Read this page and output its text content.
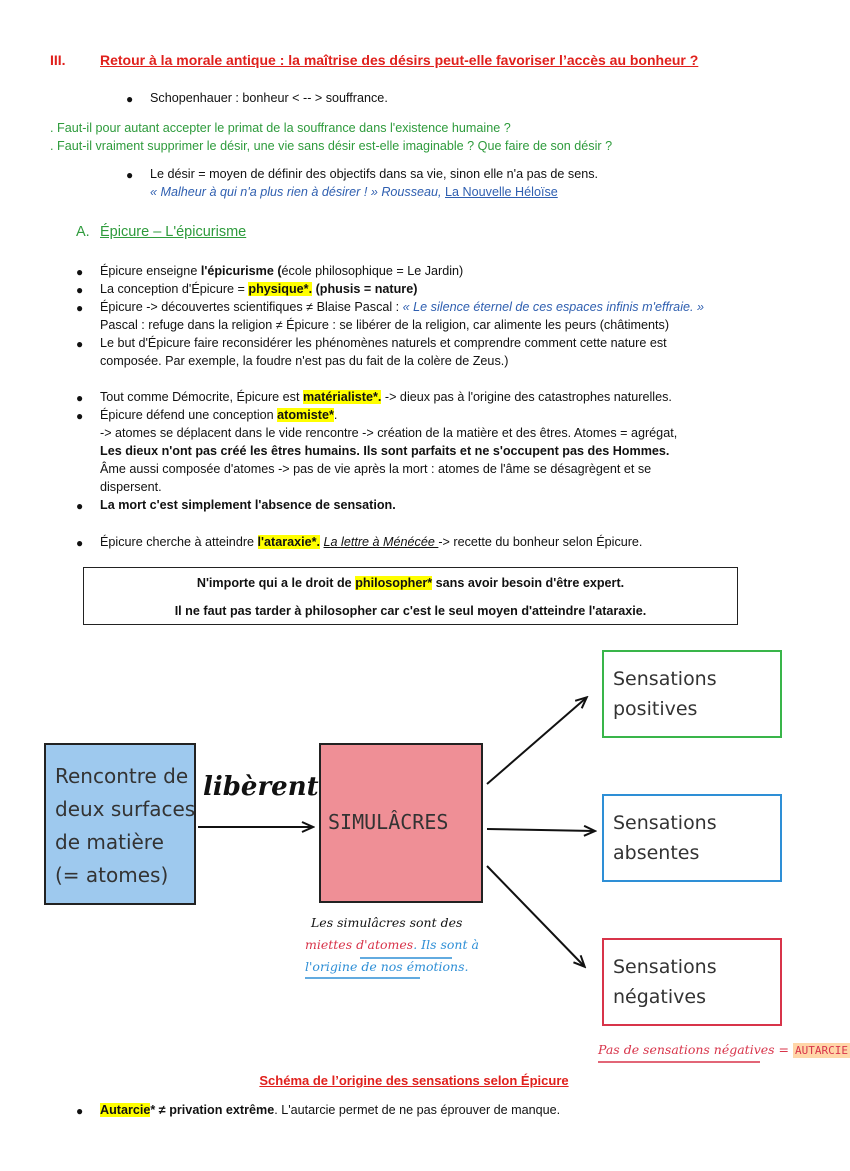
III. Retour à la morale antique : la maîtrise des désirs peut-elle favoriser l’accès au bonheur ?
● Schopenhauer : bonheur < -- > souffrance.
. Faut-il pour autant accepter le primat de la souffrance dans l'existence humaine ?
. Faut-il vraiment supprimer le désir, une vie sans désir est-elle imaginable ? Que faire de son désir ?
● Le désir = moyen de définir des objectifs dans sa vie, sinon elle n'a pas de sens.
« Malheur à qui n'a plus rien à désirer ! » Rousseau, La Nouvelle Héloïse
A. Épicure – L'épicurisme
● Épicure enseigne l'épicurisme (école philosophique = Le Jardin)
● La conception d'Épicure = physique*. (phusis = nature)
● Épicure -> découvertes scientifiques ≠ Blaise Pascal : « Le silence éternel de ces espaces infinis m'effraie. »
Pascal : refuge dans la religion ≠ Épicure : se libérer de la religion, car alimente les peurs (châtiments)
● Le but d'Épicure faire reconsidérer les phénomènes naturels et comprendre comment cette nature est
composée. Par exemple, la foudre n'est pas du fait de la colère de Zeus.)
● Tout comme Démocrite, Épicure est matérialiste*. -> dieux pas à l'origine des catastrophes naturelles.
● Épicure défend une conception atomiste*.
-> atomes se déplacent dans le vide rencontre -> création de la matière et des êtres. Atomes = agrégat,
Les dieux n'ont pas créé les êtres humains. Ils sont parfaits et ne s'occupent pas des Hommes.
Âme aussi composée d'atomes -> pas de vie après la mort : atomes de l'âme se désagrègent et se
dispersent.
● La mort c'est simplement l'absence de sensation.
● Épicure cherche à atteindre l'ataraxie*. La lettre à Ménécée -> recette du bonheur selon Épicure.
N'importe qui a le droit de philosopher* sans avoir besoin d'être expert.
Il ne faut pas tarder à philosopher car c'est le seul moyen d'atteindre l'ataraxie.
Rencontre de
deux surfaces
de matière
(= atomes)
libèrent
SIMULÂCRES
Sensations
positives
Sensations
absentes
Sensations
négatives
Les simulâcres sont des
miettes d'atomes. Ils sont à
l'origine de nos émotions.
Pas de sensations négatives = AUTARCIE
Schéma de l’origine des sensations selon Épicure
● Autarcie* ≠ privation extrême. L'autarcie permet de ne pas éprouver de manque.
